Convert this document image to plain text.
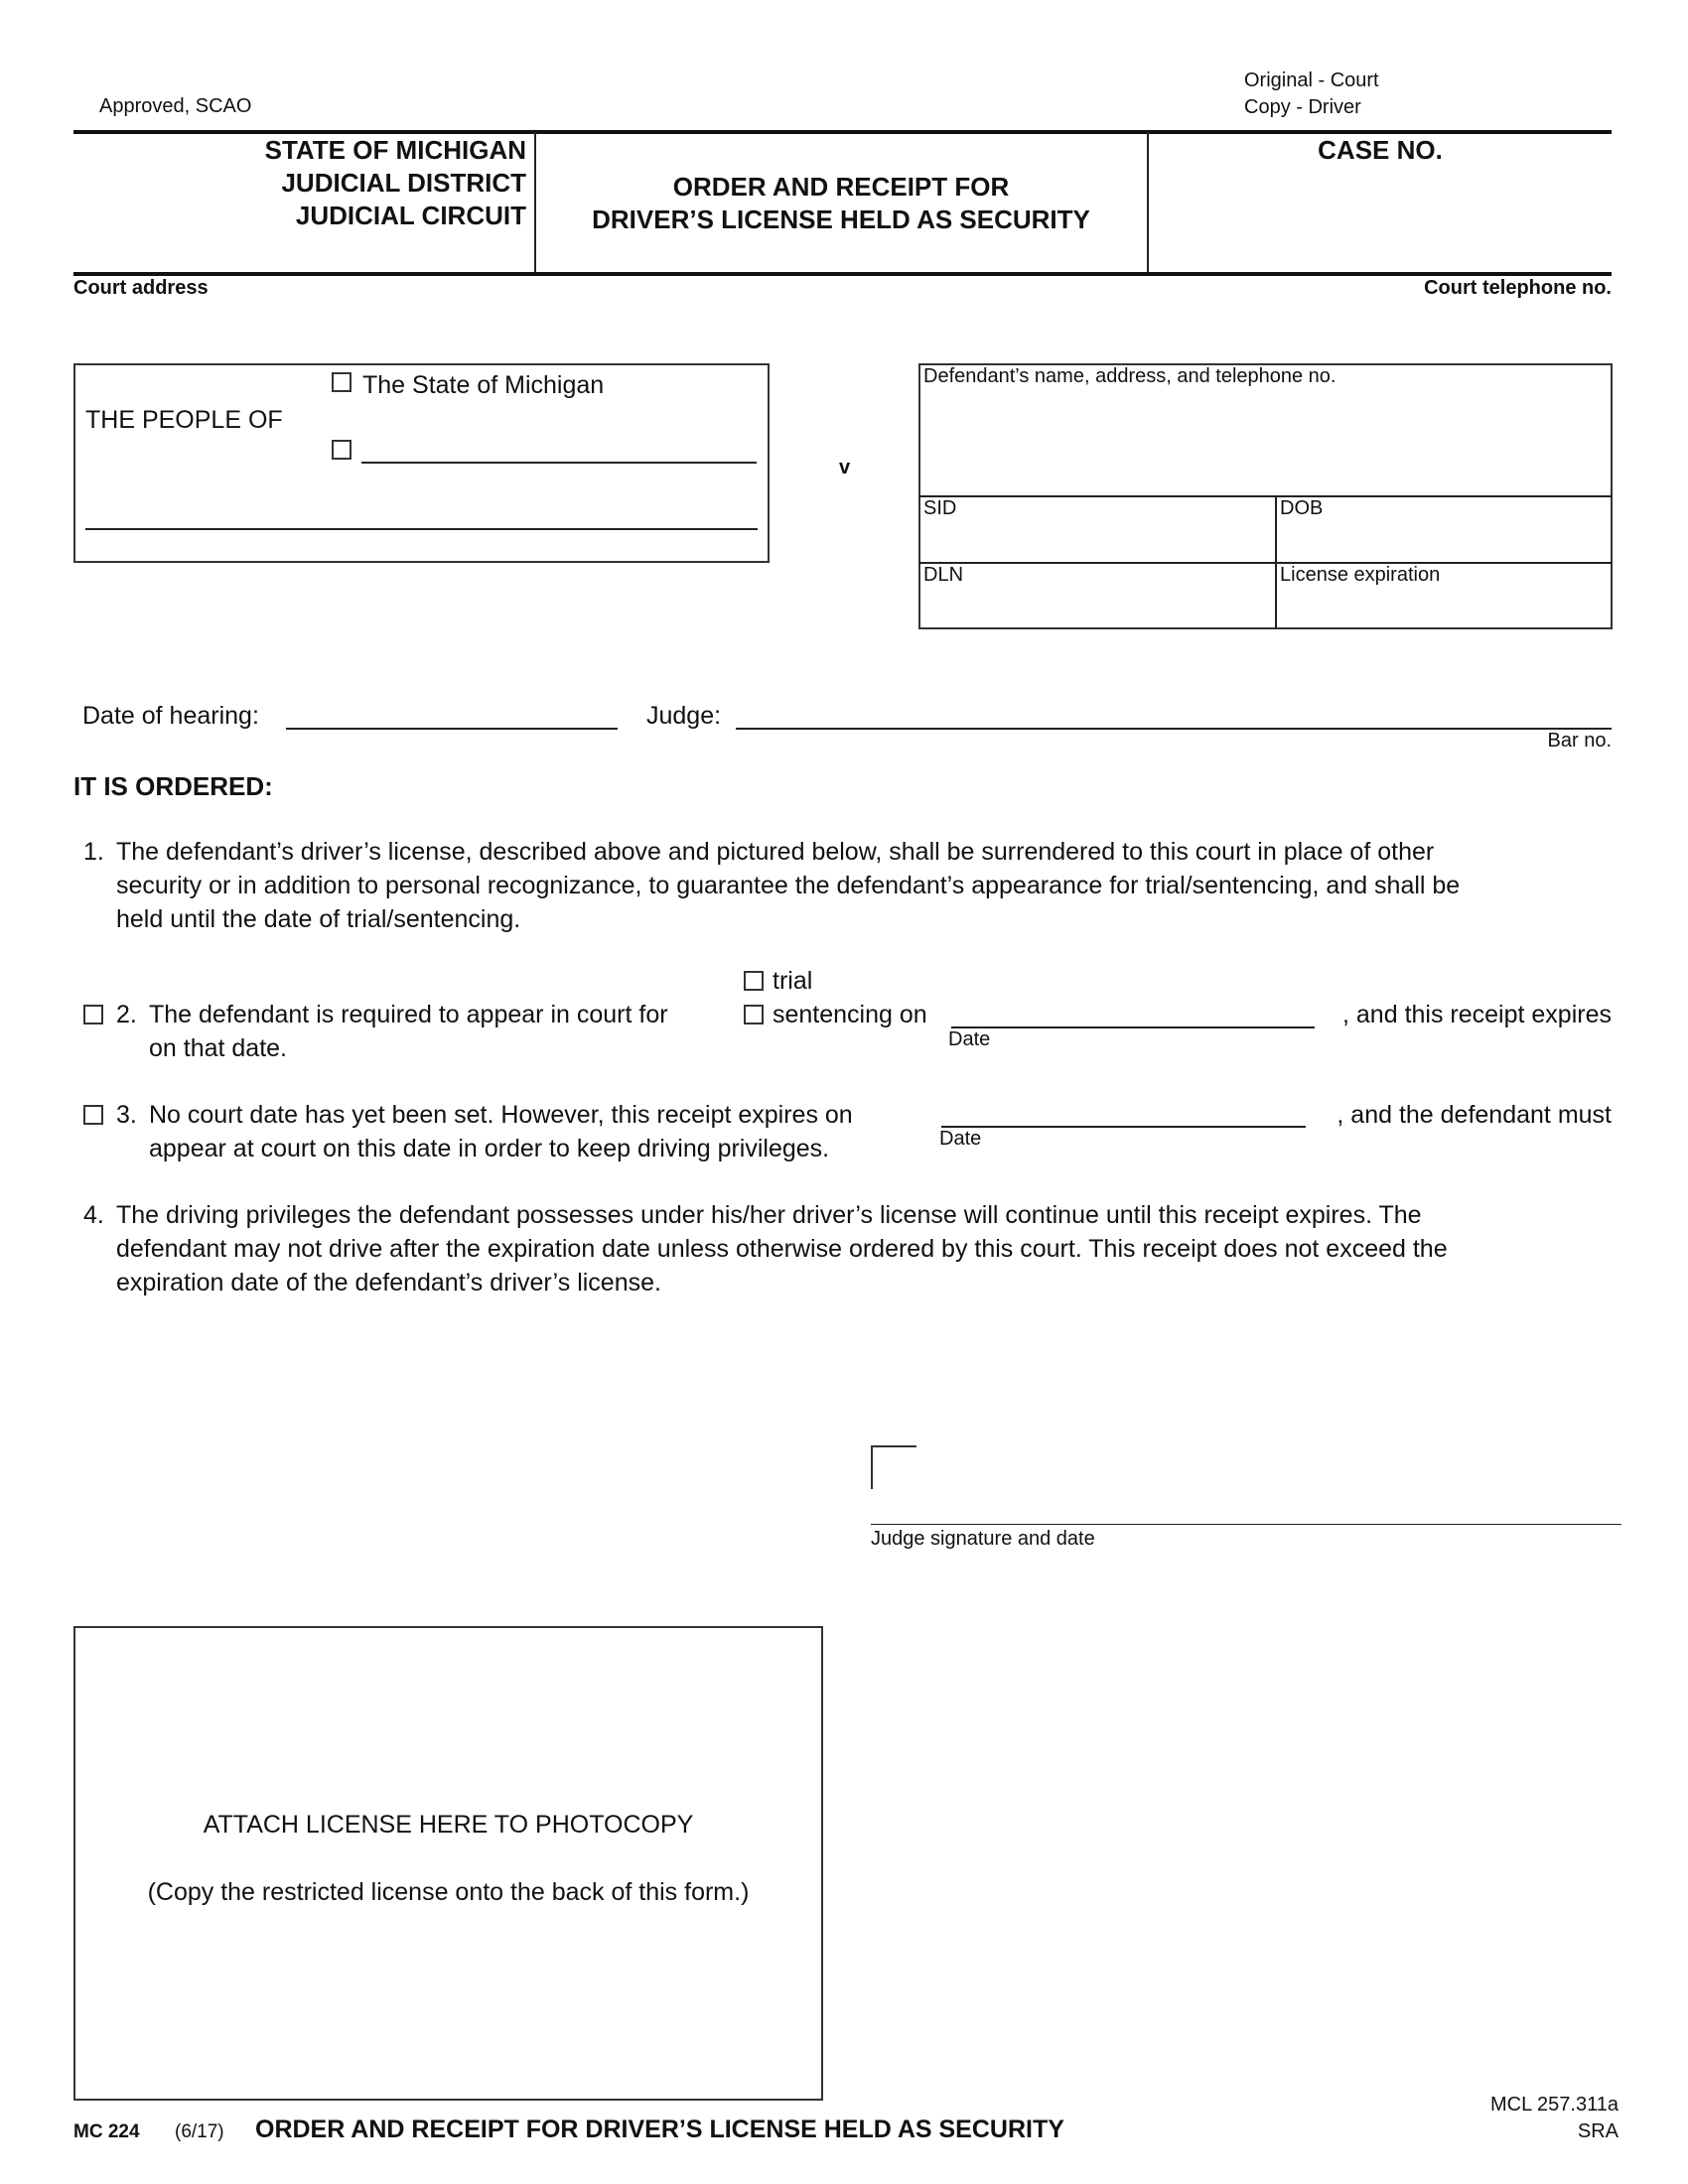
Approved, SCAO
Original - Court
Copy - Driver
STATE OF MICHIGAN
JUDICIAL DISTRICT
JUDICIAL CIRCUIT
ORDER AND RECEIPT FOR
DRIVER’S LICENSE HELD AS SECURITY
CASE NO.
Court address	Court telephone no.
THE PEOPLE OF
The State of Michigan
v
Defendant’s name, address, and telephone no.
SID	DOB
DLN	License expiration
Date of hearing:	Judge:
Bar no.
IT IS ORDERED:
1. The defendant’s driver’s license, described above and pictured below, shall be surrendered to this court in place of other
security or in addition to personal recognizance, to guarantee the defendant’s appearance for trial/sentencing, and shall be
held until the date of trial/sentencing.
2. The defendant is required to appear in court for
trial
sentencing on
Date
, and this receipt expires
on that date.
3. No court date has yet been set. However, this receipt expires on
Date
, and the defendant must
appear at court on this date in order to keep driving privileges.
4. The driving privileges the defendant possesses under his/her driver’s license will continue until this receipt expires. The
defendant may not drive after the expiration date unless otherwise ordered by this court. This receipt does not exceed the
expiration date of the defendant’s driver’s license.
Judge signature and date
ATTACH LICENSE HERE TO PHOTOCOPY
(Copy the restricted license onto the back of this form.)
MC 224 (6/17) ORDER AND RECEIPT FOR DRIVER’S LICENSE HELD AS SECURITY
MCL 257.311a
SRA
